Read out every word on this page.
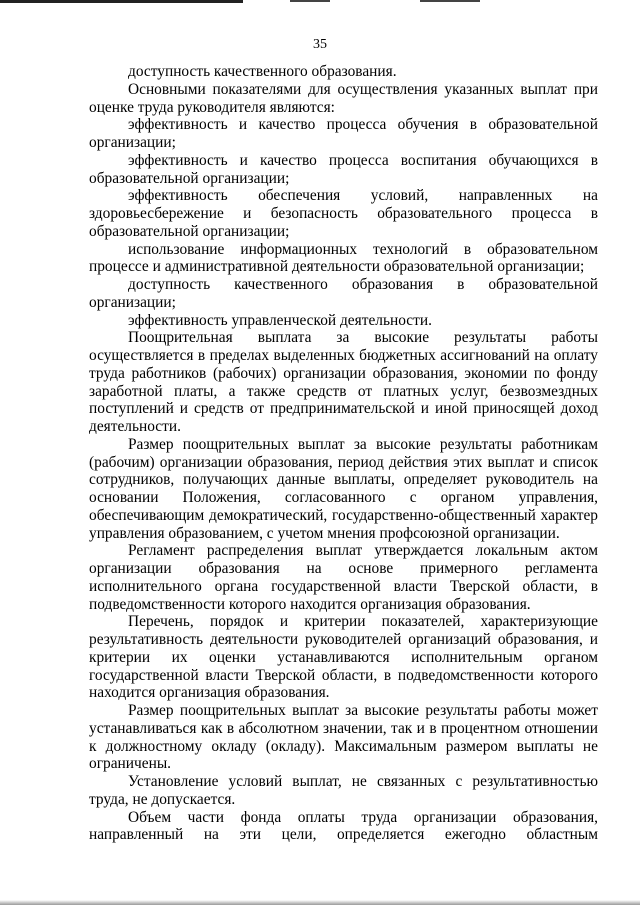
35

доступность качественного образования.

Основными показателями для осуществления указанных выплат при оценке труда руководителя являются:

эффективность и качество процесса обучения в образовательной организации;

эффективность и качество процесса воспитания обучающихся в образовательной организации;

эффективность обеспечения условий, направленных на здоровьесбережение и безопасность образовательного процесса в образовательной организации;

использование информационных технологий в образовательном процессе и административной деятельности образовательной организации;

доступность качественного образования в образовательной организации;

эффективность управленческой деятельности.

Поощрительная выплата за высокие результаты работы осуществляется в пределах выделенных бюджетных ассигнований на оплату труда работников (рабочих) организации образования, экономии по фонду заработной платы, а также средств от платных услуг, безвозмездных поступлений и средств от предпринимательской и иной приносящей доход деятельности.

Размер поощрительных выплат за высокие результаты работникам (рабочим) организации образования, период действия этих выплат и список сотрудников, получающих данные выплаты, определяет руководитель на основании Положения, согласованного с органом управления, обеспечивающим демократический, государственно-общественный характер управления образованием, с учетом мнения профсоюзной организации.

Регламент распределения выплат утверждается локальным актом организации образования на основе примерного регламента исполнительного органа государственной власти Тверской области, в подведомственности которого находится организация образования.

Перечень, порядок и критерии показателей, характеризующие результативность деятельности руководителей организаций образования, и критерии их оценки устанавливаются исполнительным органом государственной власти Тверской области, в подведомственности которого находится организация образования.

Размер поощрительных выплат за высокие результаты работы может устанавливаться как в абсолютном значении, так и в процентном отношении к должностному окладу (окладу). Максимальным размером выплаты не ограничены.

Установление условий выплат, не связанных с результативностью труда, не допускается.

Объем части фонда оплаты труда организации образования, направленный на эти цели, определяется ежегодно областным
